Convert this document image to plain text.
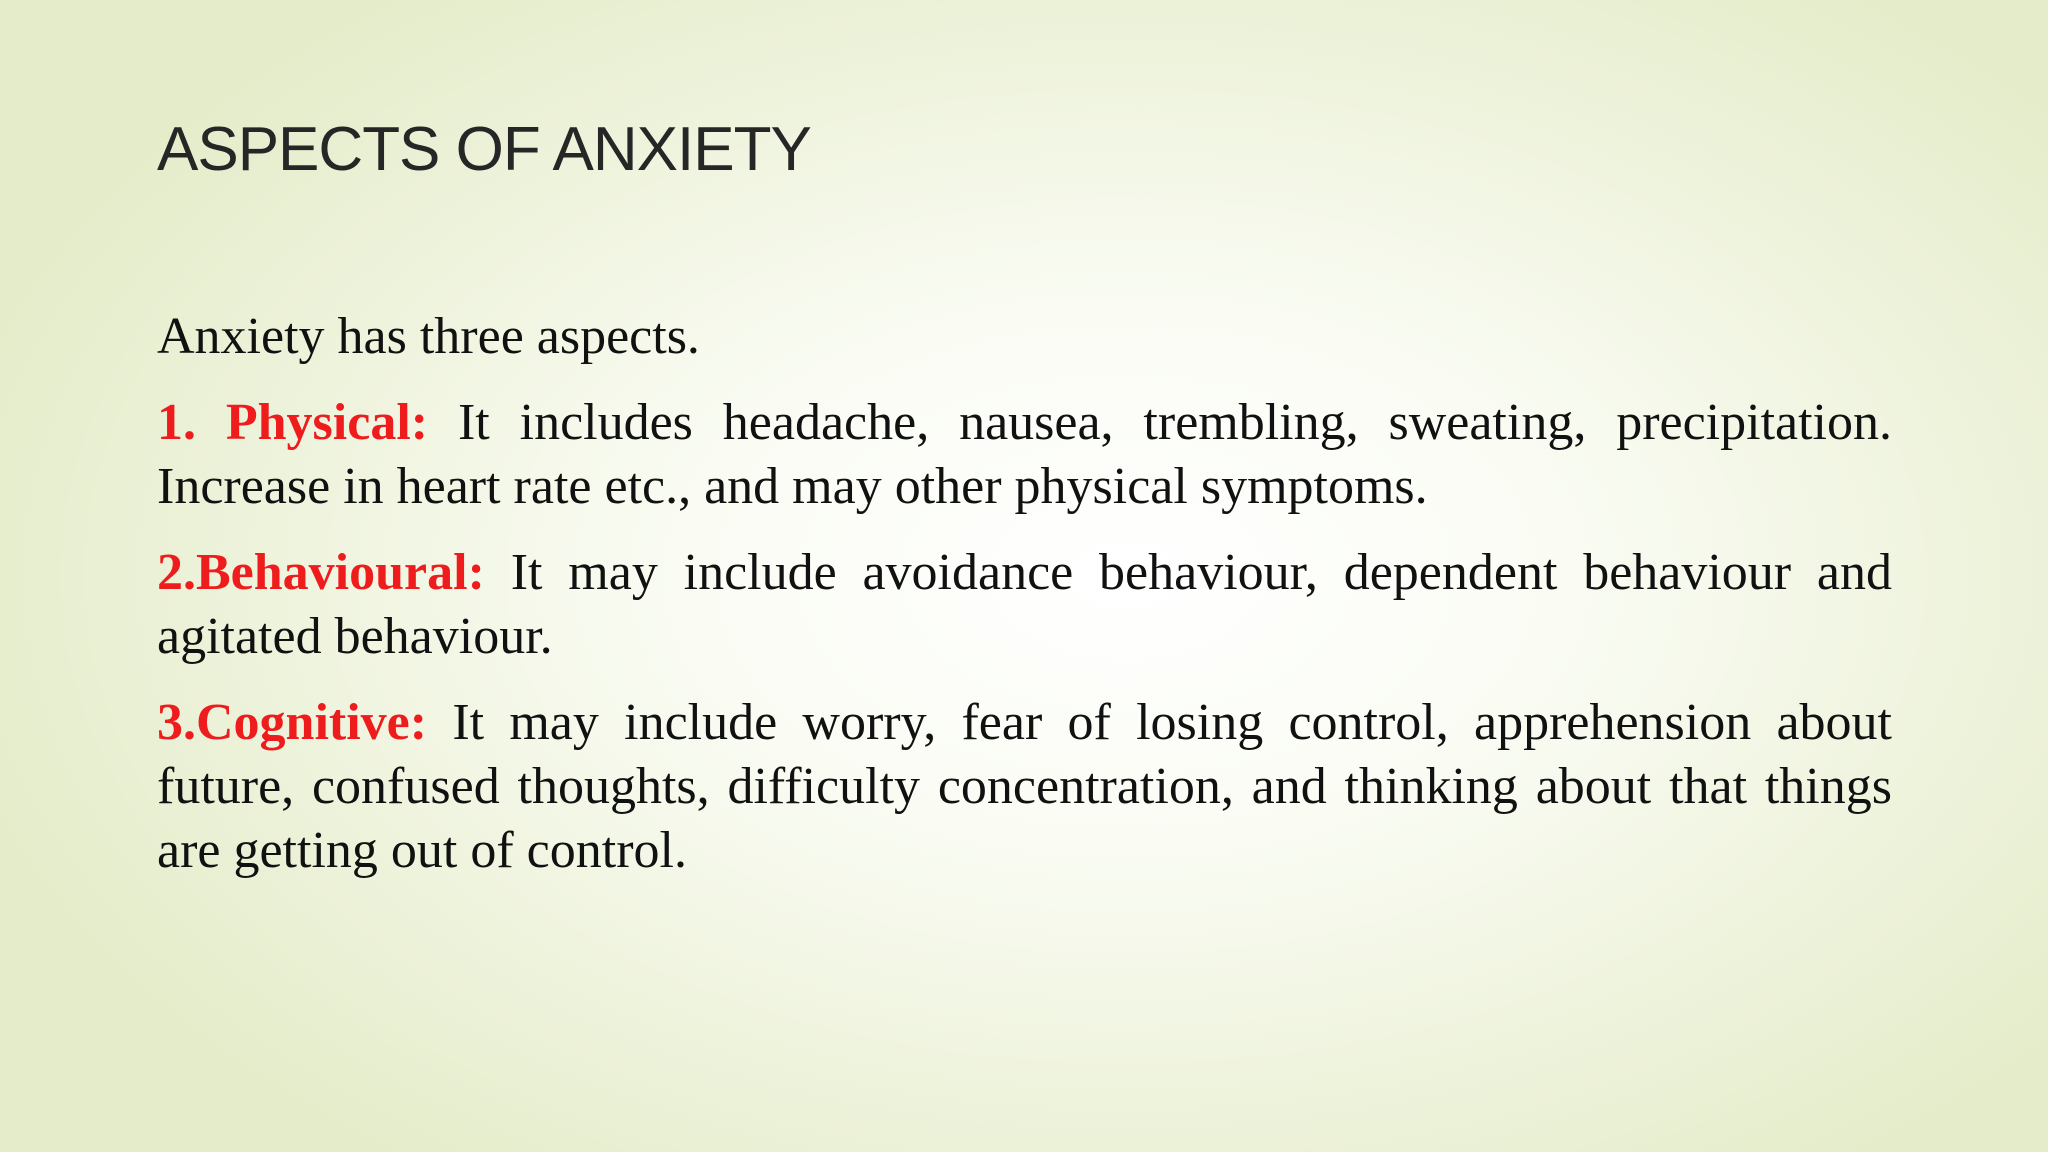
ASPECTS OF ANXIETY

Anxiety has three aspects.

1. Physical: It includes headache, nausea, trembling, sweating, precipitation. Increase in heart rate etc., and may other physical symptoms.

2.Behavioural: It may include avoidance behaviour, dependent behaviour and agitated behaviour.

3.Cognitive: It may include worry, fear of losing control, apprehension about future, confused thoughts, difficulty concentration, and thinking about that things are getting out of control.
